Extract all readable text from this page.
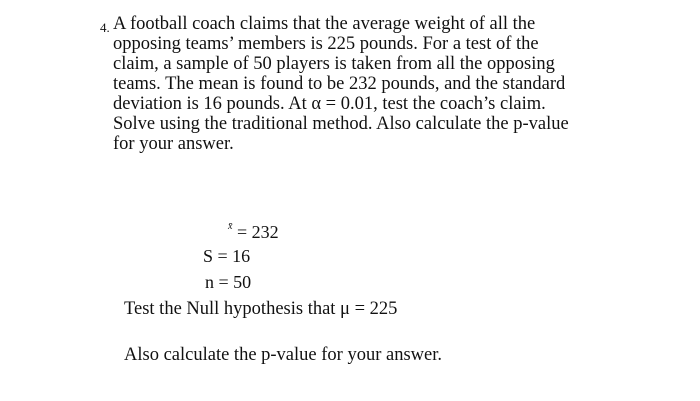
4. A football coach claims that the average weight of all the
opposing teams’ members is 225 pounds. For a test of the
claim, a sample of 50 players is taken from all the opposing
teams. The mean is found to be 232 pounds, and the standard
deviation is 16 pounds. At α = 0.01, test the coach’s claim.
Solve using the traditional method. Also calculate the p-value
for your answer.
x̄ = 232
S = 16
n = 50
Test the Null hypothesis that μ = 225
Also calculate the p-value for your answer.
